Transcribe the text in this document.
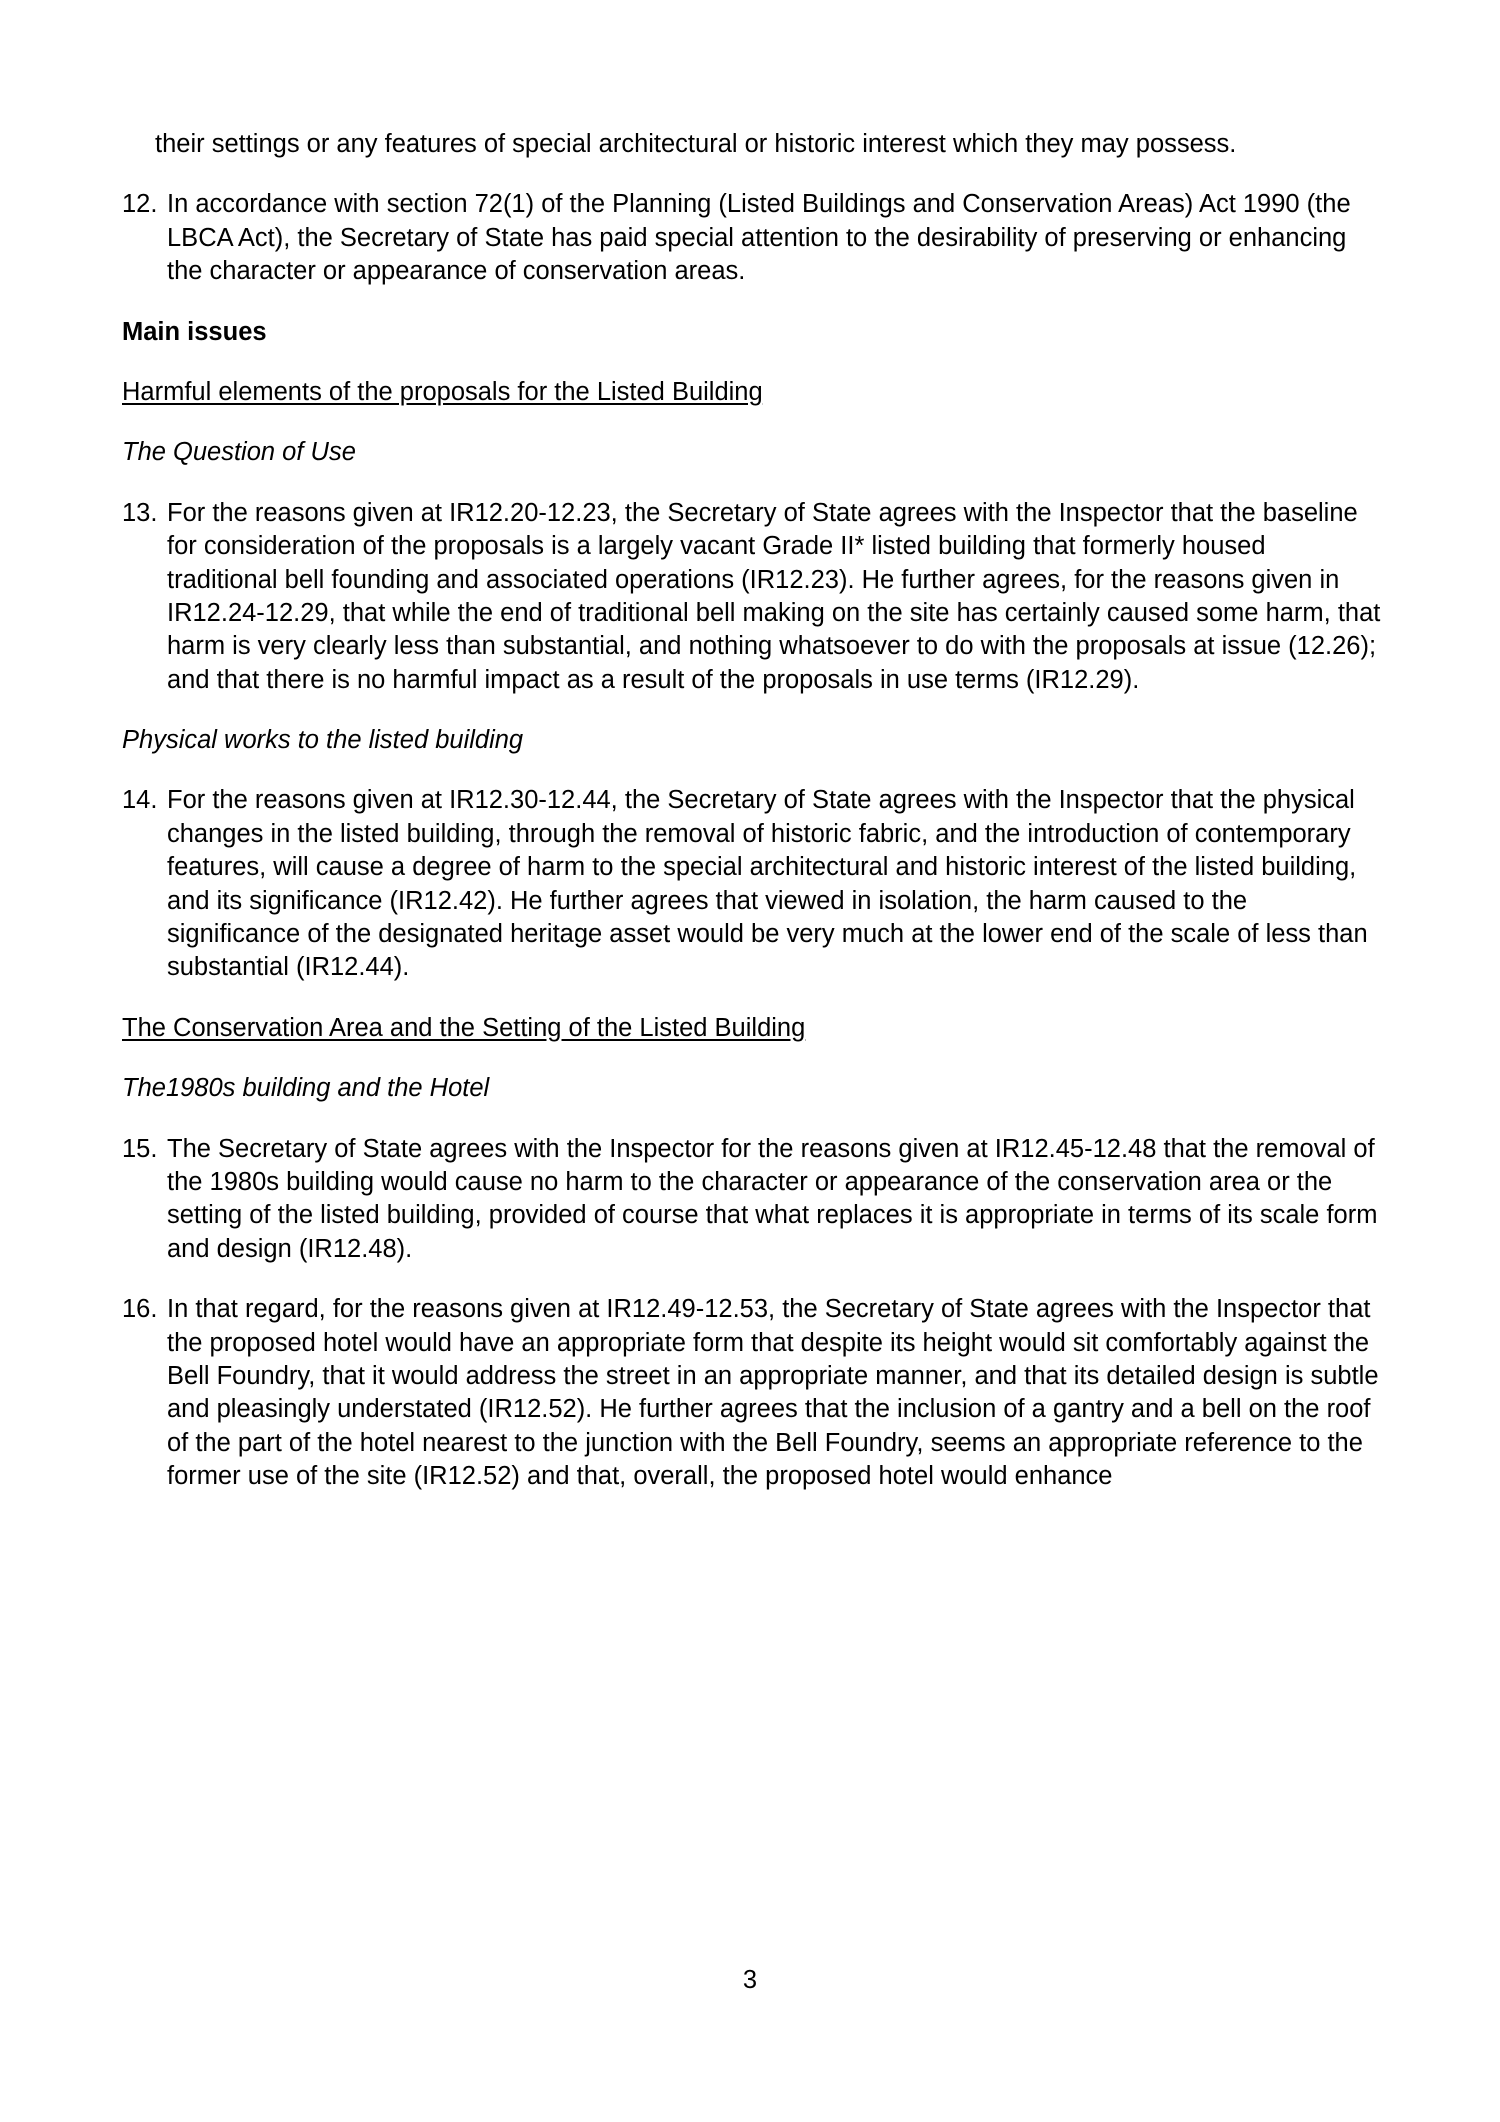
their settings or any features of special architectural or historic interest which they may possess.

12. In accordance with section 72(1) of the Planning (Listed Buildings and Conservation Areas) Act 1990 (the LBCA Act), the Secretary of State has paid special attention to the desirability of preserving or enhancing the character or appearance of conservation areas.
Main issues

Harmful elements of the proposals for the Listed Building

The Question of Use

13. For the reasons given at IR12.20-12.23, the Secretary of State agrees with the Inspector that the baseline for consideration of the proposals is a largely vacant Grade II* listed building that formerly housed traditional bell founding and associated operations (IR12.23). He further agrees, for the reasons given in IR12.24-12.29, that while the end of traditional bell making on the site has certainly caused some harm, that harm is very clearly less than substantial, and nothing whatsoever to do with the proposals at issue (12.26); and that there is no harmful impact as a result of the proposals in use terms (IR12.29).

Physical works to the listed building

14. For the reasons given at IR12.30-12.44, the Secretary of State agrees with the Inspector that the physical changes in the listed building, through the removal of historic fabric, and the introduction of contemporary features, will cause a degree of harm to the special architectural and historic interest of the listed building, and its significance (IR12.42). He further agrees that viewed in isolation, the harm caused to the significance of the designated heritage asset would be very much at the lower end of the scale of less than substantial (IR12.44).

The Conservation Area and the Setting of the Listed Building

The1980s building and the Hotel

15. The Secretary of State agrees with the Inspector for the reasons given at IR12.45-12.48 that the removal of the 1980s building would cause no harm to the character or appearance of the conservation area or the setting of the listed building, provided of course that what replaces it is appropriate in terms of its scale form and design (IR12.48).
16. In that regard, for the reasons given at IR12.49-12.53, the Secretary of State agrees with the Inspector that the proposed hotel would have an appropriate form that despite its height would sit comfortably against the Bell Foundry, that it would address the street in an appropriate manner, and that its detailed design is subtle and pleasingly understated (IR12.52). He further agrees that the inclusion of a gantry and a bell on the roof of the part of the hotel nearest to the junction with the Bell Foundry, seems an appropriate reference to the former use of the site (IR12.52) and that, overall, the proposed hotel would enhance
3
